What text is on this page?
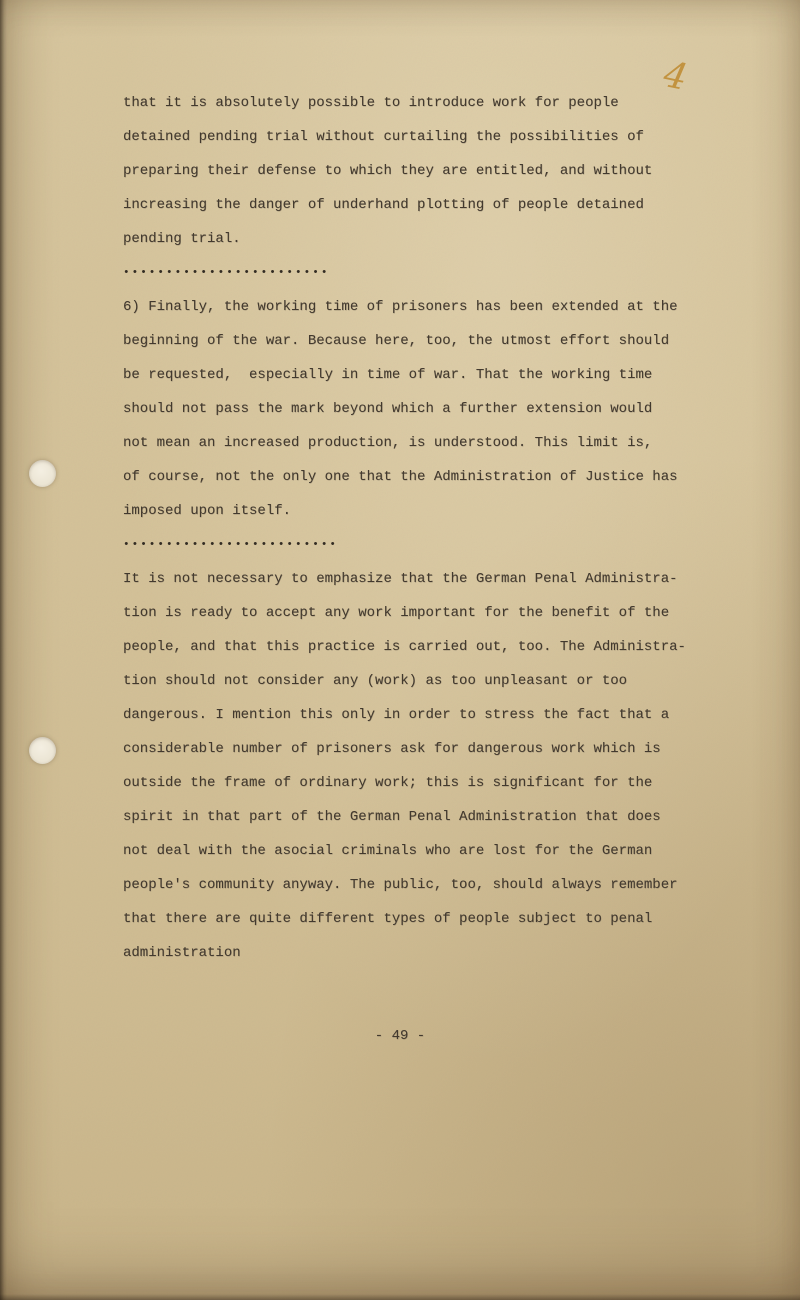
4
that it is absolutely possible to introduce work for people
detained pending trial without curtailing the possibilities of
preparing their defense to which they are entitled, and without
increasing the danger of underhand plotting of people detained
pending trial.
••••••••••••••••••••••••
6) Finally, the working time of prisoners has been extended at the
beginning of the war. Because here, too, the utmost effort should
be requested,  especially in time of war. That the working time
should not pass the mark beyond which a further extension would
not mean an increased production, is understood. This limit is,
of course, not the only one that the Administration of Justice has
imposed upon itself.
•••••••••••••••••••••••••
It is not necessary to emphasize that the German Penal Administra-
tion is ready to accept any work important for the benefit of the
people, and that this practice is carried out, too. The Administra-
tion should not consider any (work) as too unpleasant or too
dangerous. I mention this only in order to stress the fact that a
considerable number of prisoners ask for dangerous work which is
outside the frame of ordinary work; this is significant for the
spirit in that part of the German Penal Administration that does
not deal with the asocial criminals who are lost for the German
people's community anyway. The public, too, should always remember
that there are quite different types of people subject to penal
administration
- 49 -
